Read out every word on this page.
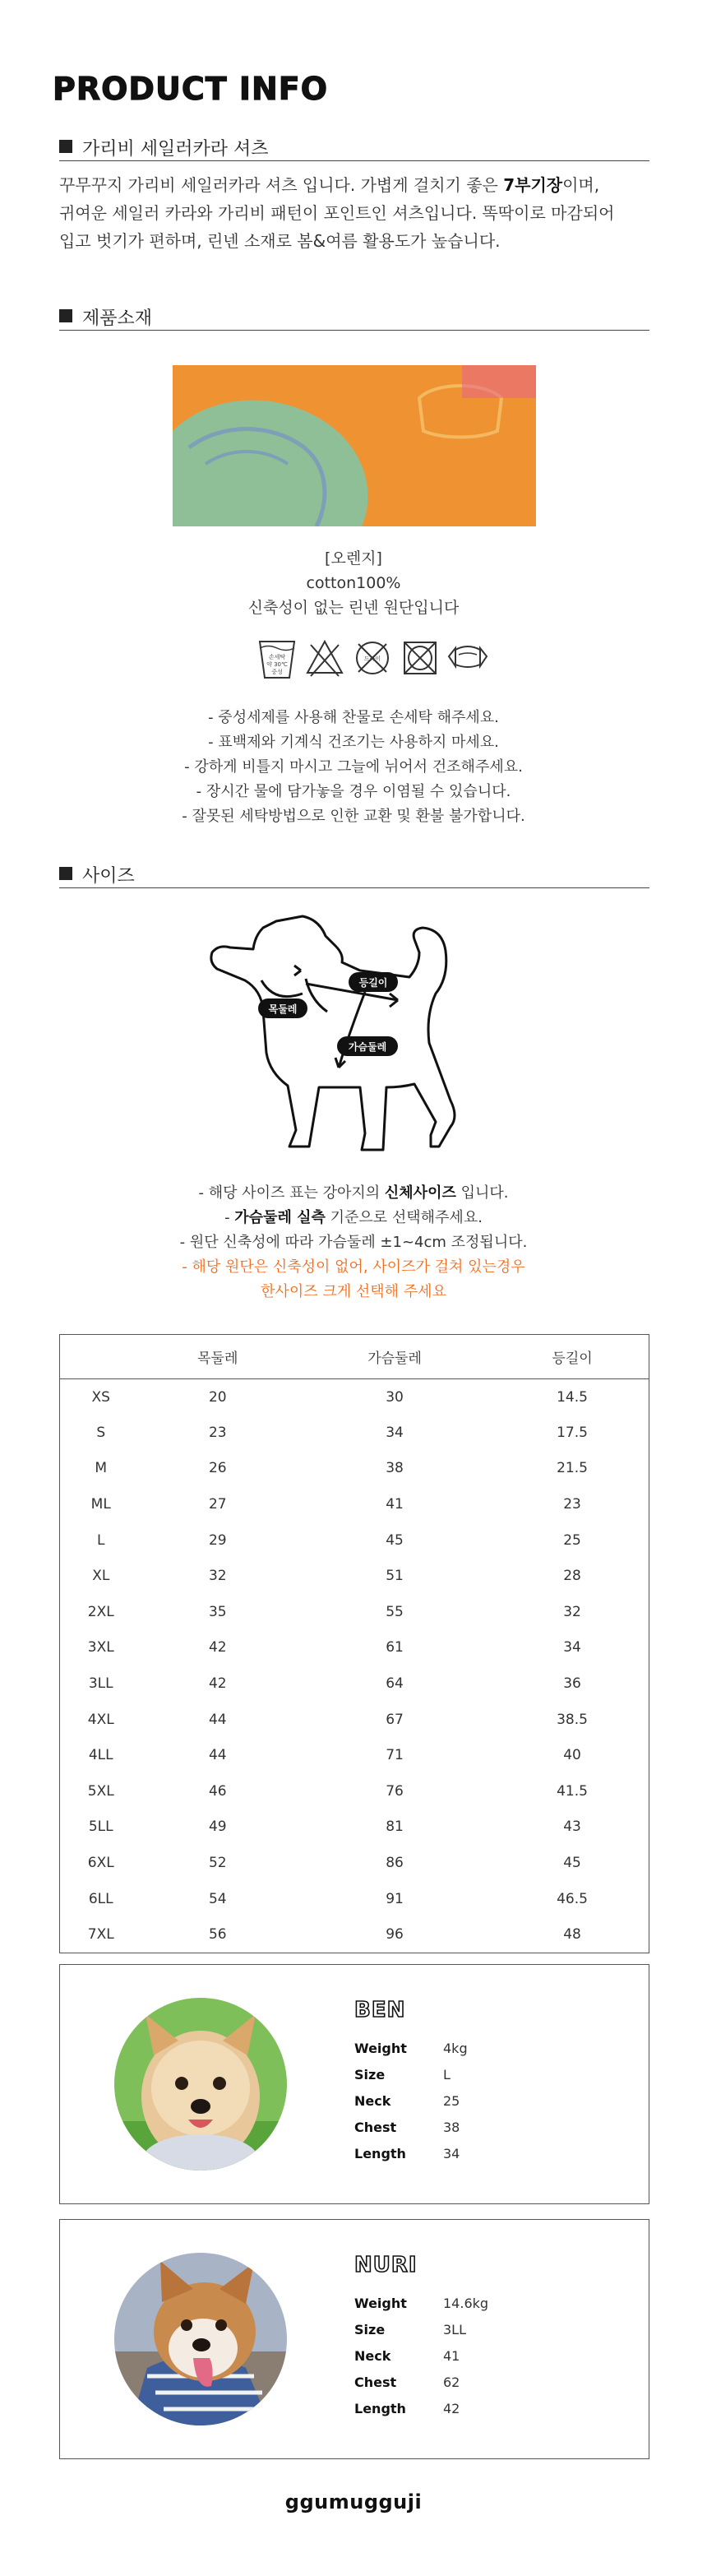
PRODUCT INFO
가리비 세일러카라 셔츠
꾸무꾸지 가리비 세일러카라 셔츠 입니다. 가볍게 걸치기 좋은 7부기장이며,
귀여운 세일러 카라와 가리비 패턴이 포인트인 셔츠입니다. 똑딱이로 마감되어
입고 벗기가 편하며, 린넨 소재로 봄&여름 활용도가 높습니다.
제품소재
[오렌지]
cotton100%
신축성이 없는 린넨 원단입니다
손세탁
약 30℃
중성
드라이
- 중성세제를 사용해 찬물로 손세탁 해주세요.
- 표백제와 기계식 건조기는 사용하지 마세요.
- 강하게 비틀지 마시고 그늘에 뉘어서 건조해주세요.
- 장시간 물에 담가놓을 경우 이염될 수 있습니다.
- 잘못된 세탁방법으로 인한 교환 및 환불 불가합니다.
사이즈
목둘레
등길이
가슴둘레
- 해당 사이즈 표는 강아지의 신체사이즈 입니다.
- 가슴둘레 실측 기준으로 선택해주세요.
- 원단 신축성에 따라 가슴둘레 ±1~4cm 조정됩니다.
- 해당 원단은 신축성이 없어, 사이즈가 걸쳐 있는경우
한사이즈 크게 선택해 주세요
	목둘레	가슴둘레	등길이
XS	20	30	14.5
S	23	34	17.5
M	26	38	21.5
ML	27	41	23
L	29	45	25
XL	32	51	28
2XL	35	55	32
3XL	42	61	34
3LL	42	64	36
4XL	44	67	38.5
4LL	44	71	40
5XL	46	76	41.5
5LL	49	81	43
6XL	52	86	45
6LL	54	91	46.5
7XL	56	96	48
BEN
Weight	4kg
Size	L
Neck	25
Chest	38
Length	34
NURI
Weight	14.6kg
Size	3LL
Neck	41
Chest	62
Length	42
ggumugguji
